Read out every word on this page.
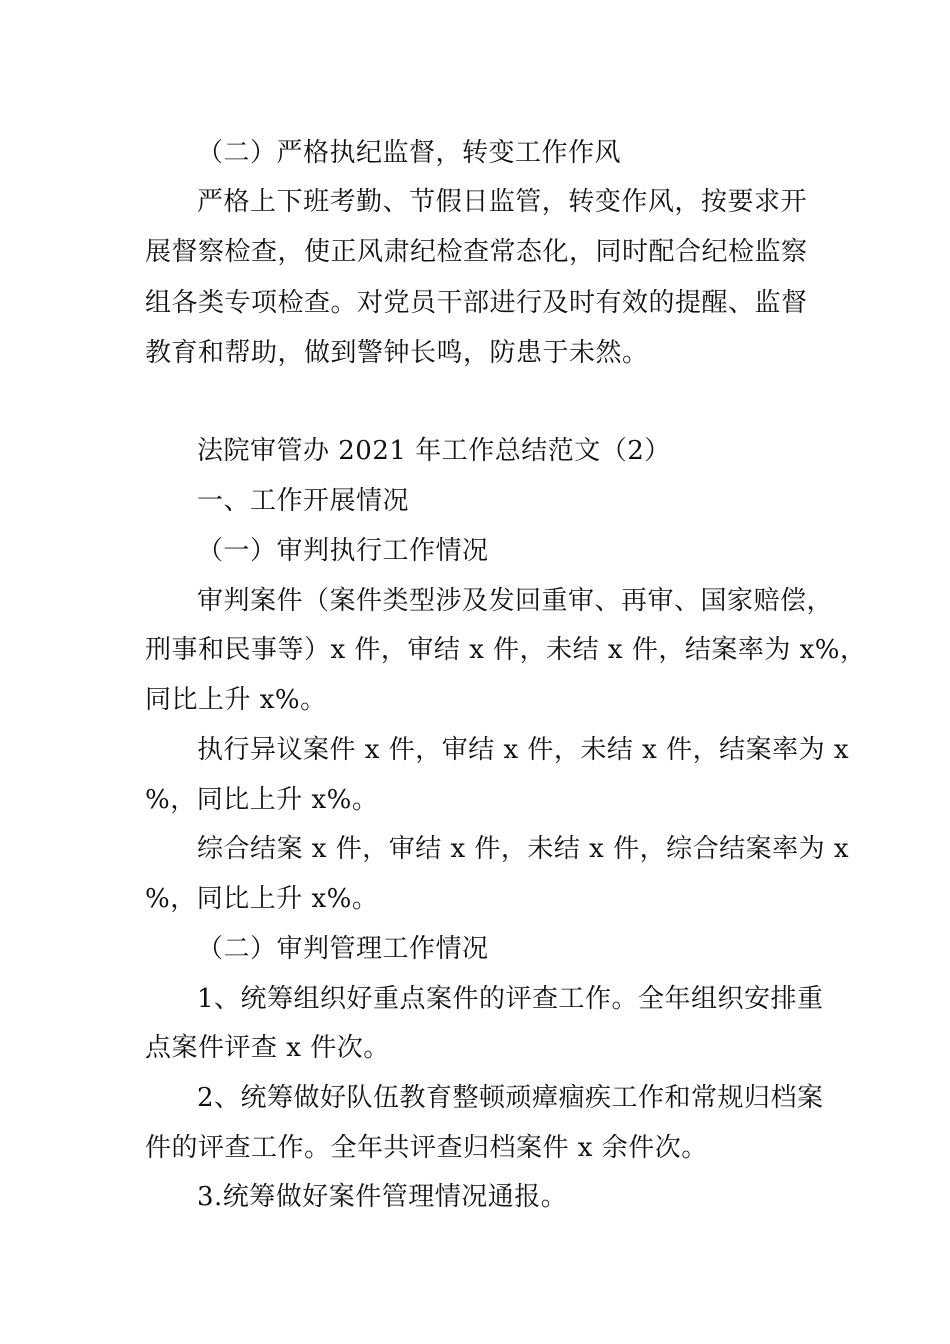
（二）严格执纪监督，转变工作作风
严格上下班考勤、节假日监管，转变作风，按要求开
展督察检查，使正风肃纪检查常态化，同时配合纪检监察
组各类专项检查。对党员干部进行及时有效的提醒、监督
教育和帮助，做到警钟长鸣，防患于未然。
法院审管办 2021 年工作总结范文（2）
一、工作开展情况
（一）审判执行工作情况
审判案件（案件类型涉及发回重审、再审、国家赔偿，
刑事和民事等）x 件，审结 x 件，未结 x 件，结案率为 x%，
同比上升 x%。
执行异议案件 x 件，审结 x 件，未结 x 件，结案率为 x
%，同比上升 x%。
综合结案 x 件，审结 x 件，未结 x 件，综合结案率为 x
%，同比上升 x%。
（二）审判管理工作情况
1、统筹组织好重点案件的评查工作。全年组织安排重
点案件评查 x 件次。
2、统筹做好队伍教育整顿顽瘴痼疾工作和常规归档案
件的评查工作。全年共评查归档案件 x 余件次。
3.统筹做好案件管理情况通报。
